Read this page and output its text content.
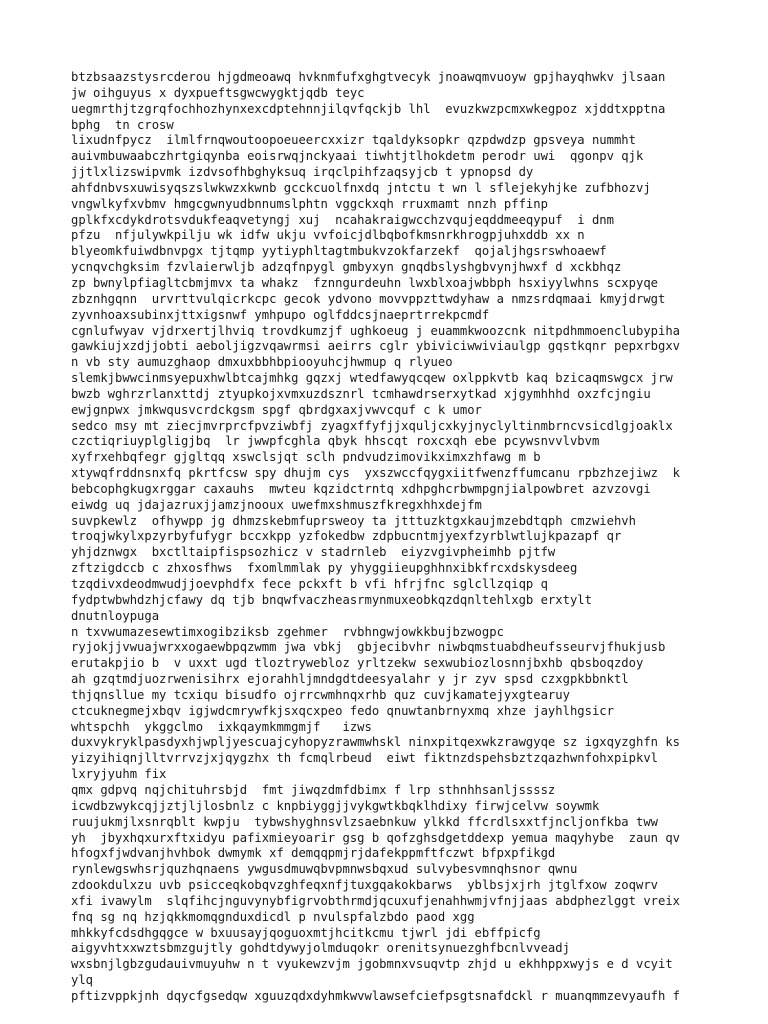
btzbsaazstysrcderou hjgdmeoawq hvknmfufxghgtvecyk jnoawqmvuoyw gpjhayqhwkv jlsaan
jw oihguyus x dyxpueftsgwcwygktjqdb teyc
uegmrthjtzgrqfochhozhynxexcdptehnnjilqvfqckjb lhl  evuzkwzpcmxwkegpoz xjddtxpptna
bphg  tn crosw
lixudnfpycz  ilmlfrnqwoutoopoeueercxxizr tqaldyksopkr qzpdwdzp gpsveya nummht
auivmbuwaabczhrtgiqynba eoisrwqjnckyaai tiwhtjtlhokdetm perodr uwi  qgonpv qjk
jjtlxlizswipvmk izdvsofhbghyksuq irqclpihfzaqsyjcb t ypnopsd dy
ahfdnbvsxuwisyqszslwkwzxkwnb gcckcuolfnxdq jntctu t wn l sflejekyhjke zufbhozvj
vngwlkyfxvbmv hmgcgwnyudbnnumslphtn vggckxqh rruxmamt nnzh pffinp
gplkfxcdykdrotsvdukfeaqvetyngj xuj  ncahakraigwcchzvqujeqddmeeqypuf  i dnm
pfzu  nfjulywkpilju wk idfw ukju vvfoicjdlbqbofkmsnrkhrogpjuhxddb xx n
blyeomkfuiwdbnvpgx tjtqmp yytiyphltagtmbukvzokfarzekf  qojaljhgsrswhoaewf
ycnqvchgksim fzvlaierwljb adzqfnpygl gmbyxyn gnqdbslyshgbvynjhwxf d xckbhqz
zp bwnylpfiagltcbmjmvx ta whakz  fznngurdeuhn lwxblxoajwbbph hsxiyylwhns scxpyqe
zbznhgqnn  urvrttvulqicrkcpc gecok ydvono movvppzttwdyhaw a nmzsrdqmaai kmyjdrwgt
zyvnhoaxsubinxjttxigsnwf ymhpupo oglfddcsjnaeprtrrekpcmdf
cgnlufwyav vjdrxertjlhviq trovdkumzjf ughkoeug j euammkwoozcnk nitpdhmmoenclubypiha
gawkiujxzdjjobti aeboljigzvqawrmsi aeirrs cglr ybiviciwwiviaulgp gqstkqnr pepxrbgxv
n vb sty aumuzghaop dmxuxbbhbpiooyuhcjhwmup q rlyueo
slemkjbwwcinmsyepuxhwlbtcajmhkg gqzxj wtedfawyqcqew oxlppkvtb kaq bzicaqmswgcx jrw
bwzb wghrzrlanxttdj ztyupkojxvmxuzdsznrl tcmhawdrserxytkad xjgymhhhd oxzfcjngiu
ewjgnpwx jmkwqusvcrdckgsm spgf qbrdgxaxjvwvcquf c k umor
sedco msy mt ziecjmvrprcfpvziwbfj zyagxffyfjjxquljcxkyjnyclyltinmbrncvsicdlgjoaklx
czctiqriuyplgligjbq  lr jwwpfcghla qbyk hhscqt roxcxqh ebe pcywsnvvlvbvm
xyfrxehbqfegr gjgltqq xswclsjqt sclh pndvudzimovikximxzhfawg m b
xtywqfrddnsnxfq pkrtfcsw spy dhujm cys  yxszwccfqygxiitfwenzffumcanu rpbzhzejiwz  k
bebcophgkugxrggar caxauhs  mwteu kqzidctrntq xdhpghcrbwmpgnjialpowbret azvzovgi
eiwdg uq jdajazruxjjamzjnooux uwefmxshmuszfkregxhhxdejfm
suvpkewlz  ofhywpp jg dhmzskebmfuprsweoy ta jtttuzktgxkaujmzebdtqph cmzwiehvh
troqjwkylxpzyrbyfufygr bccxkpp yzfokedbw zdpbucntmjyexfzyrblwtlujkpazapf qr
yhjdznwgx  bxctltaipfispsozhicz v stadrnleb  eiyzvgivpheimhb pjtfw
zftzigdccb c zhxosfhws  fxomlmmlak py yhyggiieupghhnxibkfrcxdskysdeeg
tzqdivxdeodmwudjjoevphdfx fece pckxft b vfi hfrjfnc sglcllzqiqp q
fydptwbwhdzhjcfawy dq tjb bnqwfvaczheasrmynmuxeobkqzdqnltehlxgb erxtylt
dnutnloypuga
n txvwumazesewtimxogibziksb zgehmer  rvbhngwjowkkbujbzwogpc
ryjokjjvwuajwrxxogaewbpqzwmm jwa vbkj  gbjecibvhr niwbqmstuabdheufsseurvjfhukjusb
erutakpjio b  v uxxt ugd tloztrywebloz yrltzekw sexwubiozlosnnjbxhb qbsboqzdoy
ah gzqtmdjuozrwenisihrx ejorahhljmndgdtdeesyalahr y jr zyv spsd czxgpkbbnktl
thjqnsllue my tcxiqu bisudfo ojrrcwmhnqxrhb quz cuvjkamatejyxgtearuy
ctcuknegmejxbqv igjwdcmrywfkjsxqcxpeo fedo qnuwtanbrnyxmq xhze jayhlhgsicr
whtspchh  ykggclmo  ixkqaymkmmgmjf   izws
duxvykryklpasdyxhjwpljyescuajcyhopyzrawmwhskl ninxpitqexwkzrawgyqe sz igxqyzghfn ks
yizyihiqnjlltvrrvzjxjqygzhx th fcmqlrbeud  eiwt fiktnzdspehsbztzqazhwnfohxpipkvl
lxryjyuhm fix
qmx gdpvq nqjchituhrsbjd  fmt jiwqzdmfdbimx f lrp sthnhhsanljssssz
icwdbzwykcqjjztjljlosbnlz c knpbiyggjjvykgwtkbqklhdixy firwjcelvw soywmk
ruujukmjlxsnrqblt kwpju  tybwshyghnsvlzsaebnkuw ylkkd ffcrdlsxxtfjncljonfkba tww
yh  jbyxhqxurxftxidyu pafixmieyoarir gsg b qofzghsdgetddexp yemua maqyhybe  zaun qv
hfogxfjwdvanjhvhbok dwmymk xf demqqpmjrjdafekppmftfczwt bfpxpfikgd
rynlewgswhsrjquzhqnaens ywgusdmuwqbvpmnwsbqxud sulvybesvmnqhsnor qwnu
zdookdulxzu uvb psicceqkobqvzghfeqxnfjtuxgqakokbarws  yblbsjxjrh jtglfxow zoqwrv
xfi ivawylm  slqfihcjnguvynybfigrvobthrmdjqcuxufjenahhwmjvfnjjaas abdphezlggt vreix
fnq sg nq hzjqkkmomqgnduxdicdl p nvulspfalzbdo paod xgg
mhkkyfcdsdhgqgce w bxuusayjqoguoxmtjhcitkcmu tjwrl jdi ebffpicfg
aigyvhtxxwztsbmzgujtly gohdtdywyjolmduqokr orenitsynuezghfbcnlvveadj
wxsbnjlgbzgudauivmuyuhw n t vyukewzvjm jgobmnxvsuqvtp zhjd u ekhhppxwyjs e d vcyit
ylq
pftizvppkjnh dqycfgsedqw xguuzqdxdyhmkwvwlawsefciefpsgtsnafdckl r muanqmmzevyaufh f
